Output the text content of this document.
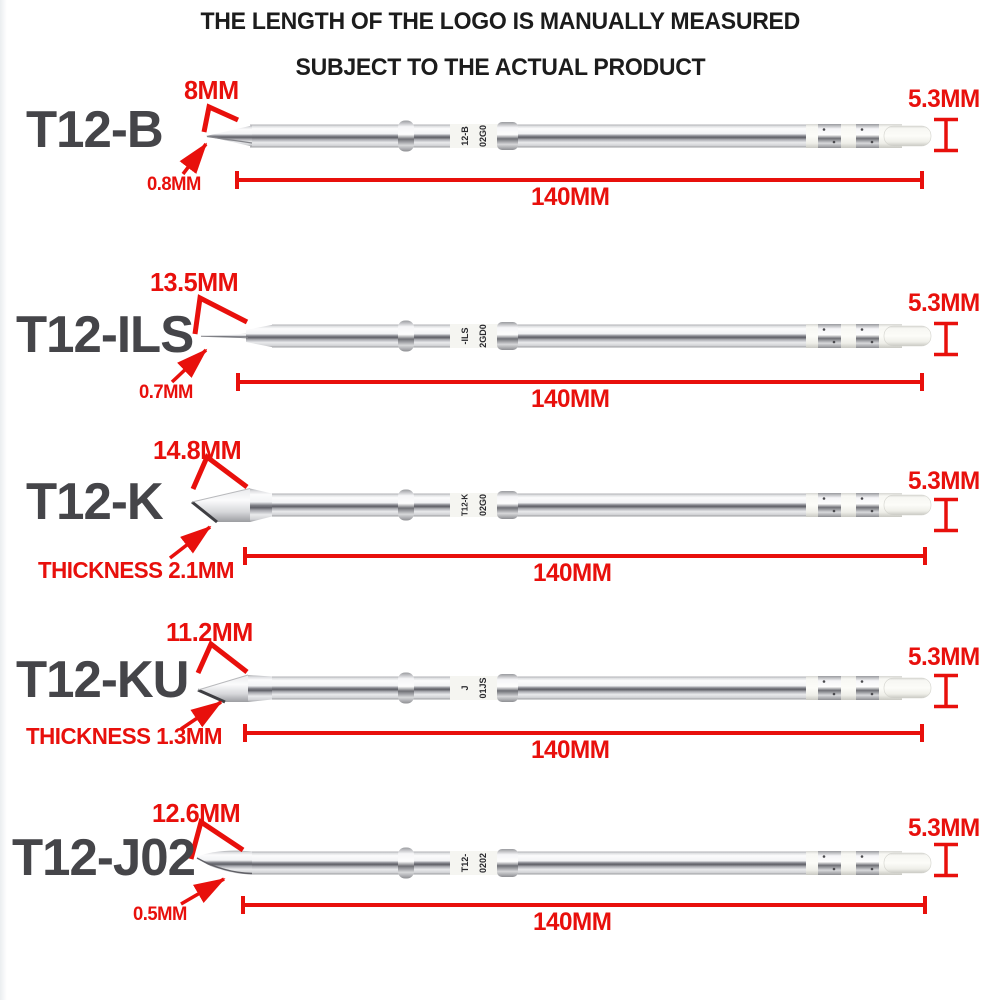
THE LENGTH OF THE LOGO IS MANUALLY MEASURED
SUBJECT TO THE ACTUAL PRODUCT
12-B 02G0
T12-B
8MM
0.8MM	140MM
5.3MM
-ILS 2GD0
T12-ILS
13.5MM
0.7MM	140MM
5.3MM
T12-K 02G0
T12-K
14.8MM
THICKNESS 2.1MM	140MM
5.3MM
J 01JS
T12-KU
11.2MM
THICKNESS 1.3MM	140MM
5.3MM
T12- 0202
T12-J02
12.6MM
0.5MM	140MM
5.3MM
